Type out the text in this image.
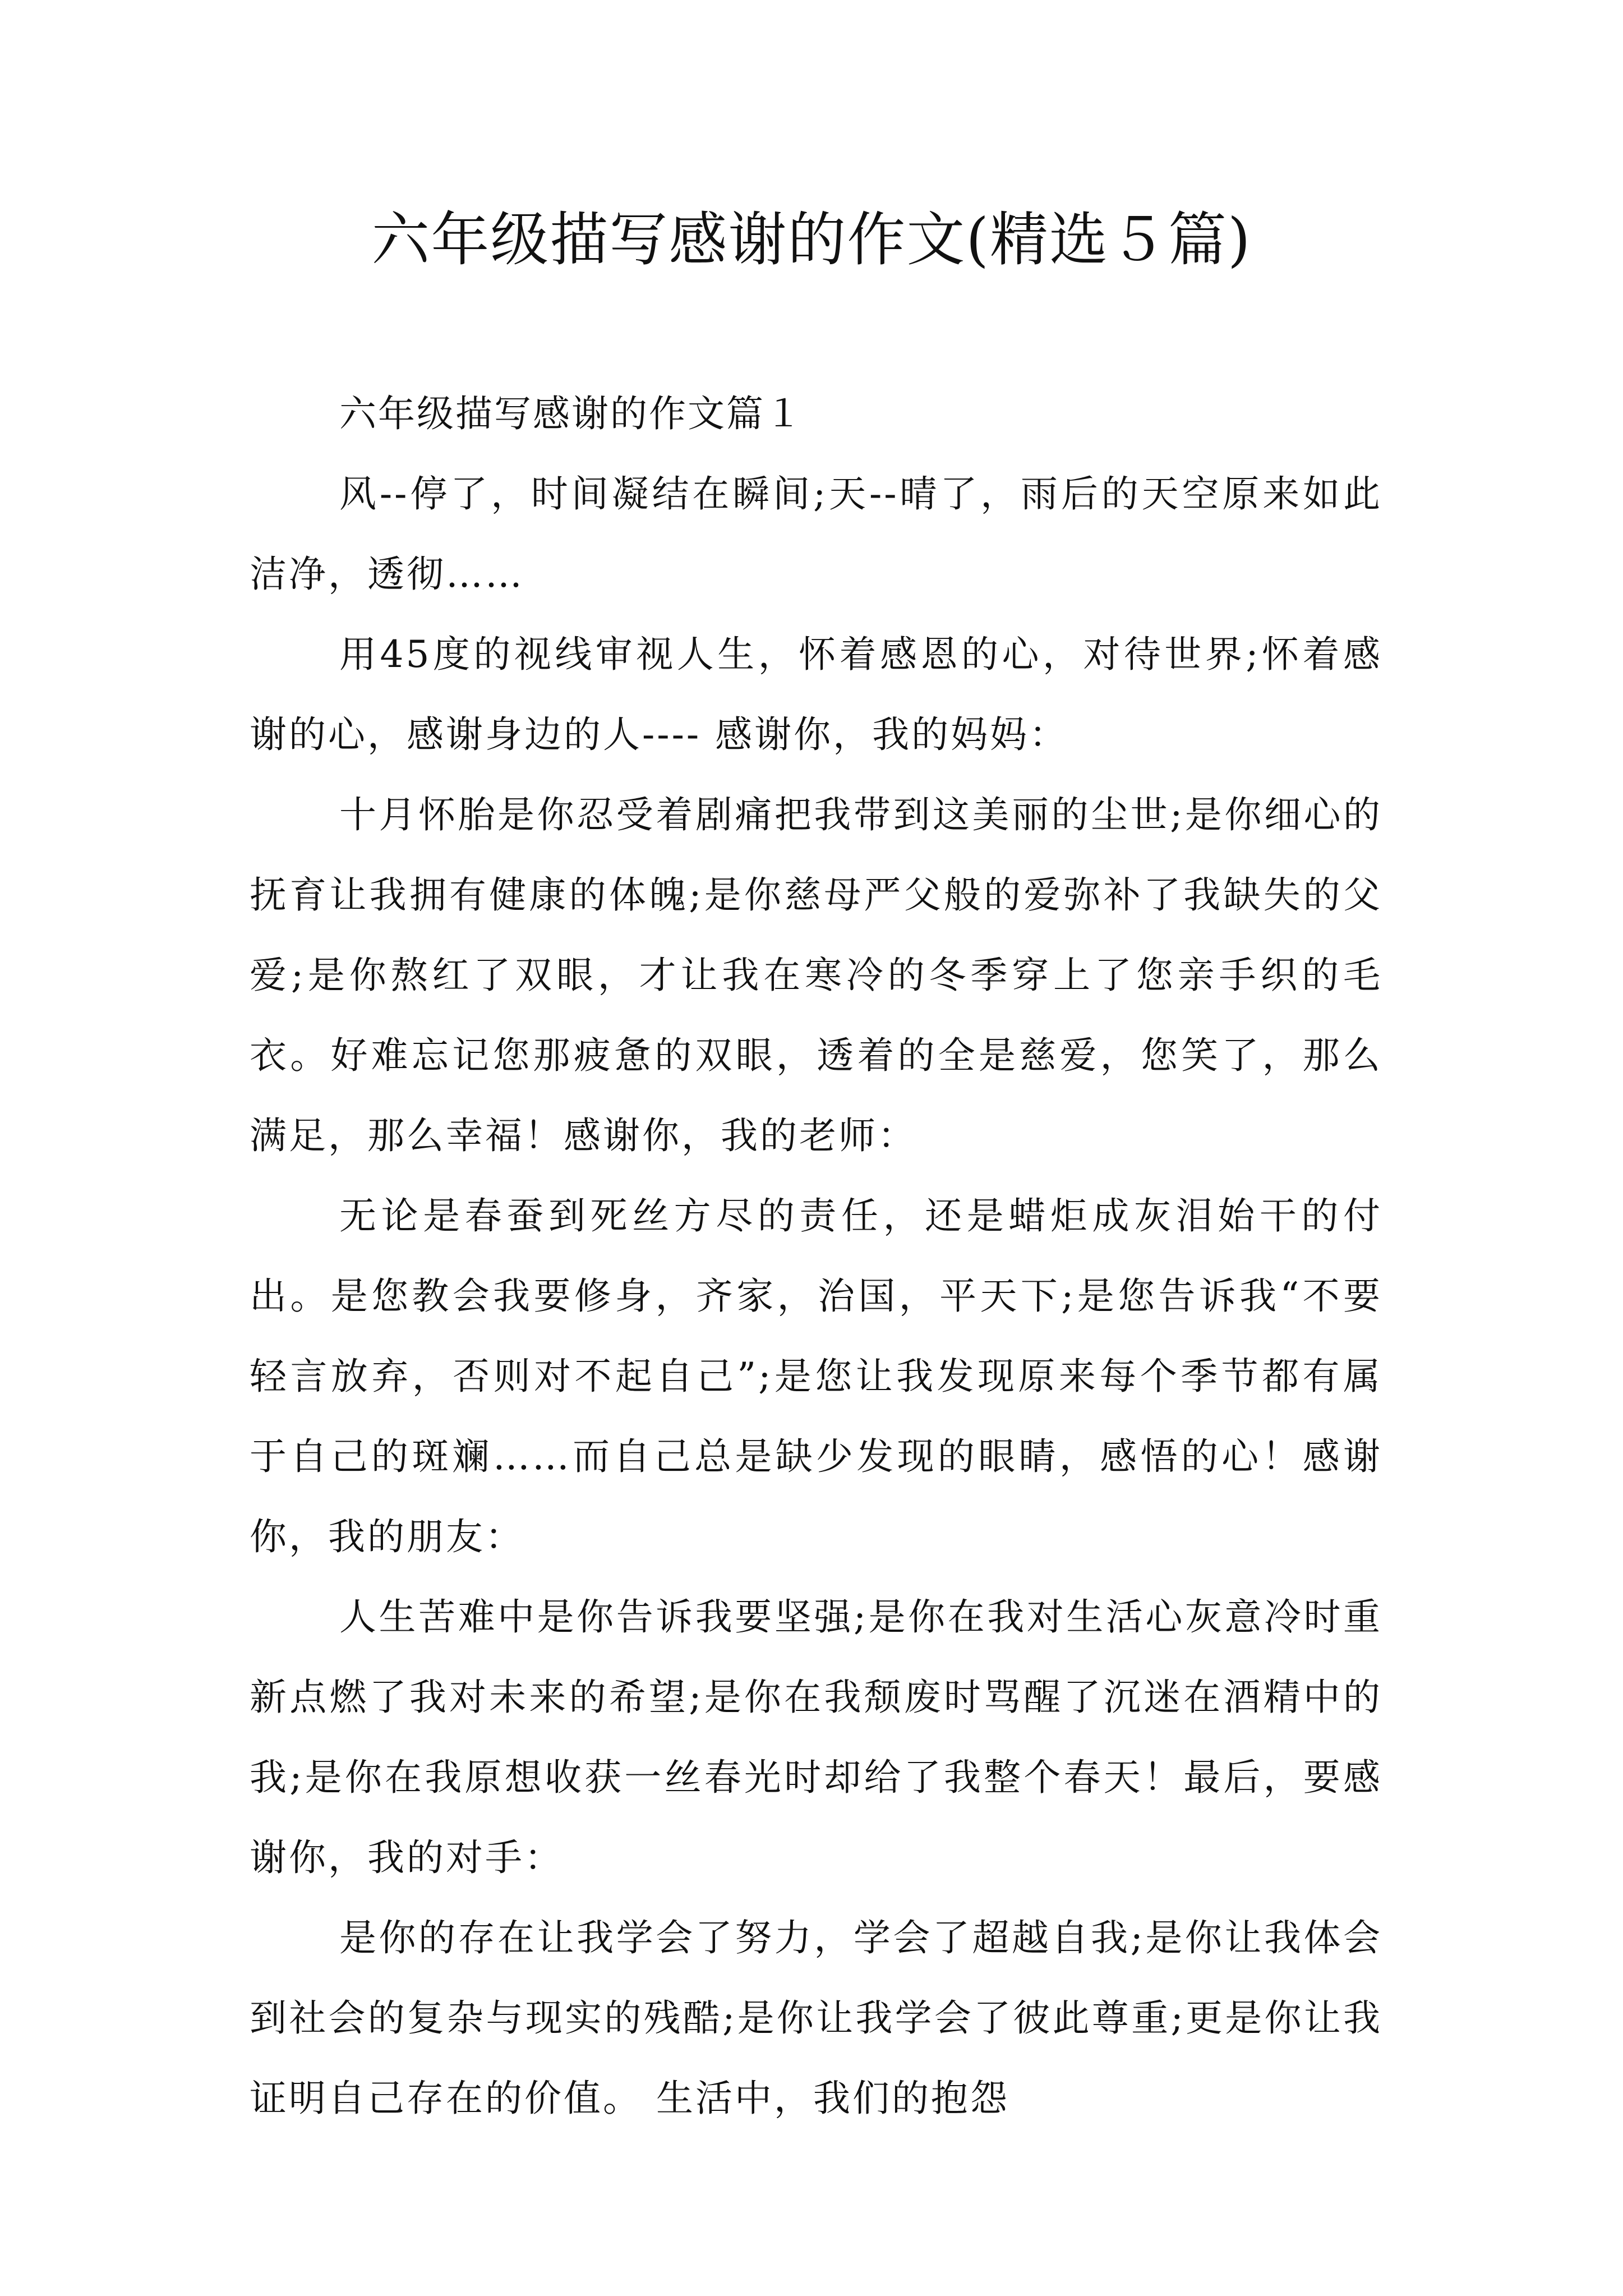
六年级描写感谢的作文(精选５篇)

六年级描写感谢的作文篇１

风--停了，时间凝结在瞬间;天--晴了，雨后的天空原来如此洁净，透彻……

用45度的视线审视人生，怀着感恩的心，对待世界;怀着感谢的心，感谢身边的人---- 感谢你，我的妈妈：

十月怀胎是你忍受着剧痛把我带到这美丽的尘世;是你细心的抚育让我拥有健康的体魄;是你慈母严父般的爱弥补了我缺失的父爱;是你熬红了双眼，才让我在寒冷的冬季穿上了您亲手织的毛衣。好难忘记您那疲惫的双眼，透着的全是慈爱，您笑了，那么满足，那么幸福！感谢你，我的老师：

无论是春蚕到死丝方尽的责任，还是蜡炬成灰泪始干的付出。是您教会我要修身，齐家，治国，平天下;是您告诉我“不要轻言放弃，否则对不起自己”;是您让我发现原来每个季节都有属于自己的斑斓……而自己总是缺少发现的眼睛，感悟的心！感谢你，我的朋友：

人生苦难中是你告诉我要坚强;是你在我对生活心灰意冷时重新点燃了我对未来的希望;是你在我颓废时骂醒了沉迷在酒精中的我;是你在我原想收获一丝春光时却给了我整个春天！最后，要感谢你，我的对手：

是你的存在让我学会了努力，学会了超越自我;是你让我体会到社会的复杂与现实的残酷;是你让我学会了彼此尊重;更是你让我证明自己存在的价值。 生活中，我们的抱怨
